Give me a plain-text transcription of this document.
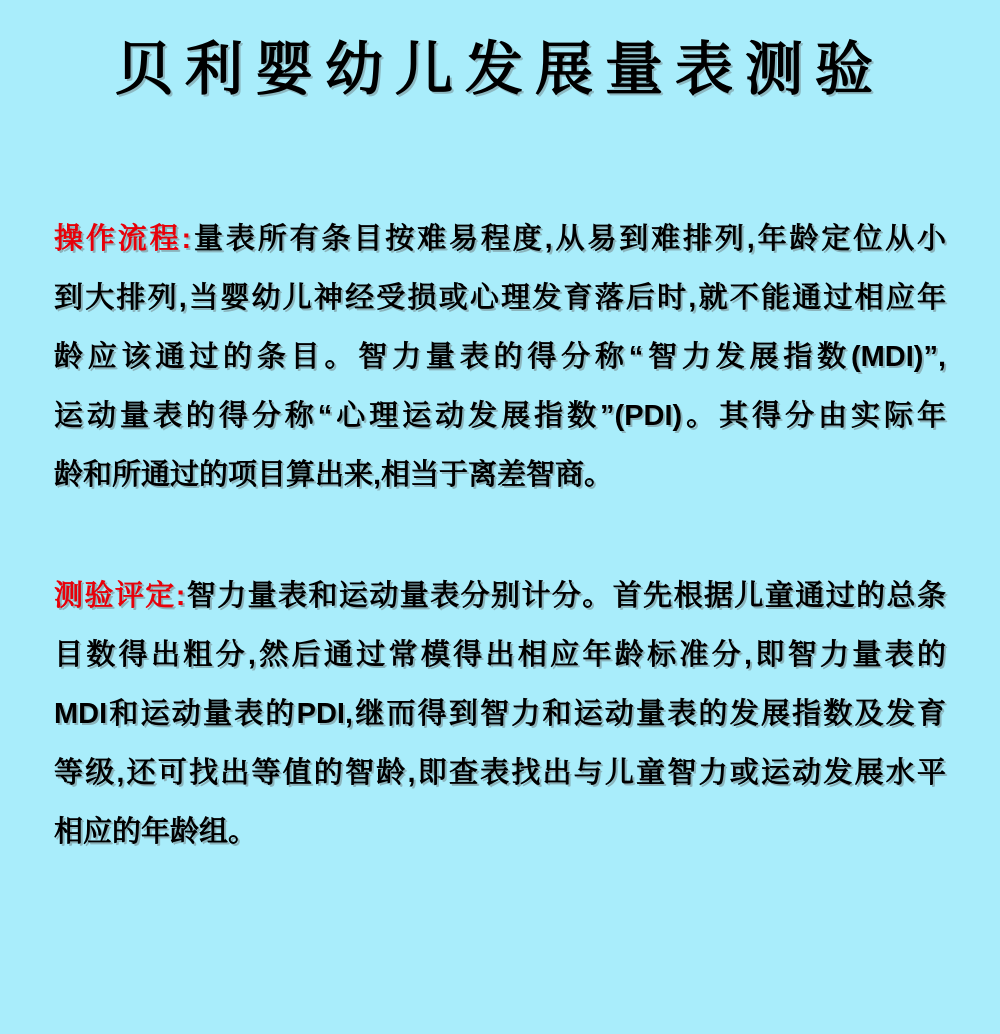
贝利婴幼儿发展量表测验
操作流程:量表所有条目按难易程度,从易到难排列,年龄定位从小
到大排列,当婴幼儿神经受损或心理发育落后时,就不能通过相应年
龄应该通过的条目。智力量表的得分称“智力发展指数(MDI)”,
运动量表的得分称“心理运动发展指数”(PDI)。其得分由实际年
龄和所通过的项目算出来,相当于离差智商。
测验评定:智力量表和运动量表分别计分。首先根据儿童通过的总条
目数得出粗分,然后通过常模得出相应年龄标准分,即智力量表的
MDI和运动量表的PDI,继而得到智力和运动量表的发展指数及发育
等级,还可找出等值的智龄,即查表找出与儿童智力或运动发展水平
相应的年龄组。
